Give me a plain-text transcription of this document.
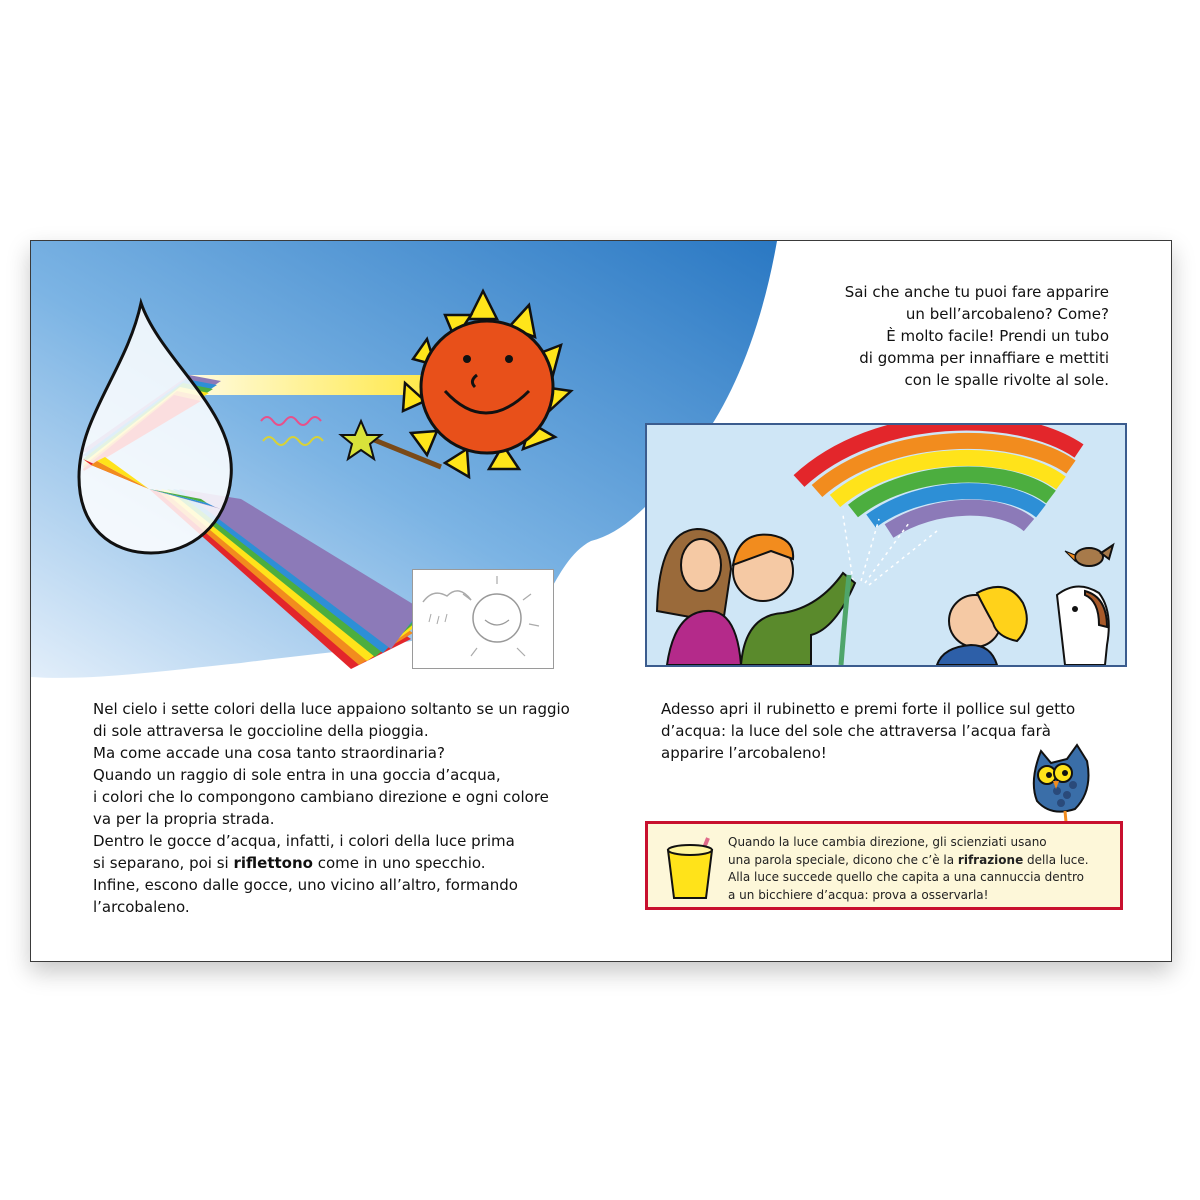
Nel cielo i sette colori della luce appaiono soltanto se un raggio
di sole attraversa le goccioline della pioggia.
Ma come accade una cosa tanto straordinaria?
Quando un raggio di sole entra in una goccia d’acqua,
i colori che lo compongono cambiano direzione e ogni colore
va per la propria strada.
Dentro le gocce d’acqua, infatti, i colori della luce prima
si separano, poi si riflettono come in uno specchio.
Infine, escono dalle gocce, uno vicino all’altro, formando
l’arcobaleno.
Sai che anche tu puoi fare apparire
un bell’arcobaleno? Come?
È molto facile! Prendi un tubo
di gomma per innaffiare e mettiti
con le spalle rivolte al sole.
Adesso apri il rubinetto e premi forte il pollice sul getto
d’acqua: la luce del sole che attraversa l’acqua farà
apparire l’arcobaleno!
Quando la luce cambia direzione, gli scienziati usano
una parola speciale, dicono che c’è la rifrazione della luce.
Alla luce succede quello che capita a una cannuccia dentro
a un bicchiere d’acqua: prova a osservarla!
